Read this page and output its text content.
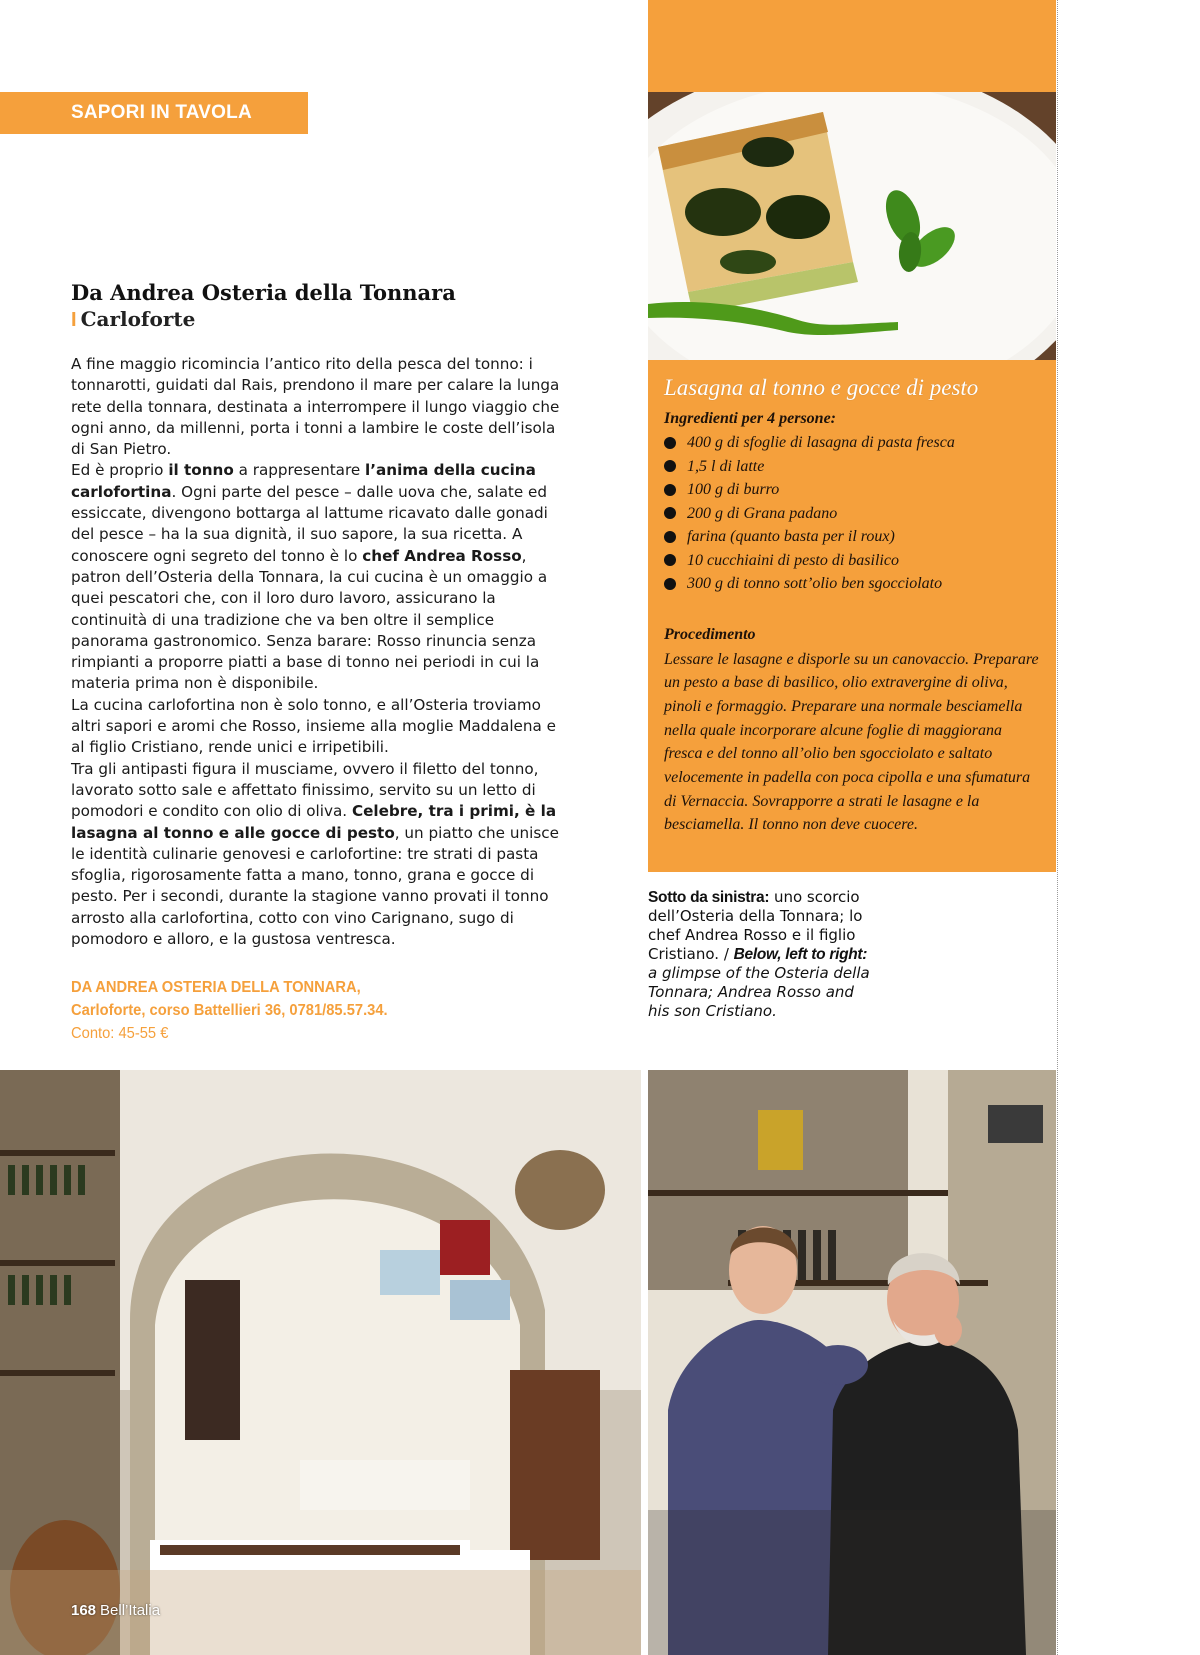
SAPORI IN TAVOLA
Da Andrea Osteria della Tonnara
I Carloforte
A fine maggio ricomincia l’antico rito della pesca del tonno: i tonnarotti, guidati dal Rais, prendono il mare per calare la lunga rete della tonnara, destinata a interrompere il lungo viaggio che ogni anno, da millenni, porta i tonni a lambire le coste dell’isola di San Pietro.
Ed è proprio il tonno a rappresentare l’anima della cucina carlofortina. Ogni parte del pesce – dalle uova che, salate ed essiccate, divengono bottarga al lattume ricavato dalle gonadi del pesce – ha la sua dignità, il suo sapore, la sua ricetta. A conoscere ogni segreto del tonno è lo chef Andrea Rosso, patron dell’Osteria della Tonnara, la cui cucina è un omaggio a quei pescatori che, con il loro duro lavoro, assicurano la continuità di una tradizione che va ben oltre il semplice panorama gastronomico. Senza barare: Rosso rinuncia senza rimpianti a proporre piatti a base di tonno nei periodi in cui la materia prima non è disponibile.
La cucina carlofortina non è solo tonno, e all’Osteria troviamo altri sapori e aromi che Rosso, insieme alla moglie Maddalena e al figlio Cristiano, rende unici e irripetibili.
Tra gli antipasti figura il musciame, ovvero il filetto del tonno, lavorato sotto sale e affettato finissimo, servito su un letto di pomodori e condito con olio di oliva. Celebre, tra i primi, è la lasagna al tonno e alle gocce di pesto, un piatto che unisce le identità culinarie genovesi e carlofortine: tre strati di pasta sfoglia, rigorosamente fatta a mano, tonno, grana e gocce di pesto. Per i secondi, durante la stagione vanno provati il tonno arrosto alla carlofortina, cotto con vino Carignano, sugo di pomodoro e alloro, e la gustosa ventresca.
DA ANDREA OSTERIA DELLA TONNARA,
Carloforte, corso Battellieri 36, 0781/85.57.34.
Conto: 45-55 €
Lasagna al tonno e gocce di pesto
Ingredienti per 4 persone:
400 g di sfoglie di lasagna di pasta fresca
1,5 l di latte
100 g di burro
200 g di Grana padano
farina (quanto basta per il roux)
10 cucchiaini di pesto di basilico
300 g di tonno sott’olio ben sgocciolato
Procedimento
Lessare le lasagne e disporle su un canovaccio. Preparare un pesto a base di basilico, olio extravergine di oliva, pinoli e formaggio. Preparare una normale besciamella nella quale incorporare alcune foglie di maggiorana fresca e del tonno all’olio ben sgocciolato e saltato velocemente in padella con poca cipolla e una sfumatura di Vernaccia. Sovrapporre a strati le lasagne e la besciamella. Il tonno non deve cuocere.
Sotto da sinistra: uno scorcio dell’Osteria della Tonnara; lo chef Andrea Rosso e il figlio Cristiano. / Below, left to right: a glimpse of the Osteria della Tonnara; Andrea Rosso and his son Cristiano.
168 Bell’Italia
